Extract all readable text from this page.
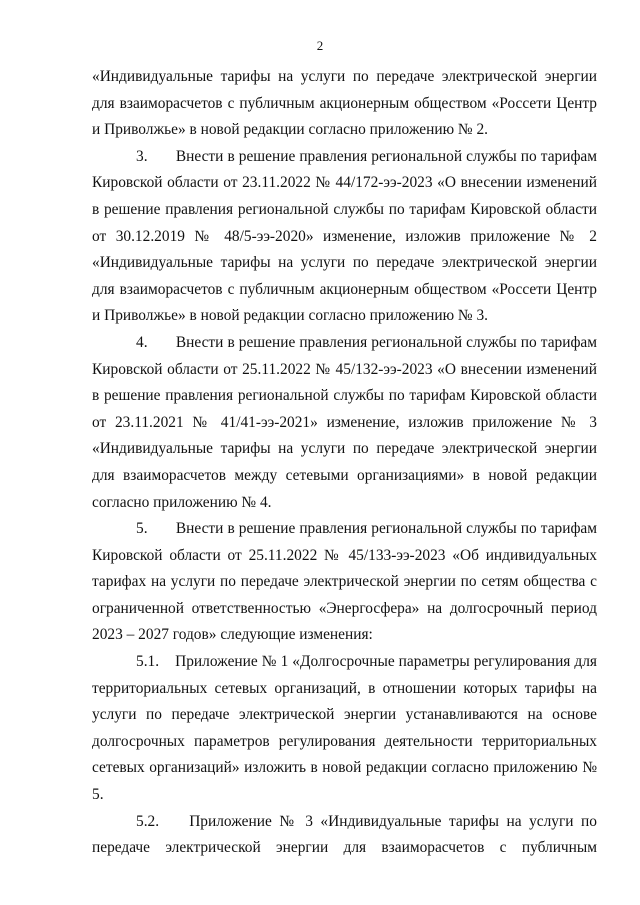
2

«Индивидуальные тарифы на услуги по передаче электрической энергии для взаиморасчетов с публичным акционерным обществом «Россети Центр и Приволжье» в новой редакции согласно приложению № 2.

3.       Внести в решение правления региональной службы по тарифам Кировской области от 23.11.2022 № 44/172-ээ-2023 «О внесении изменений в решение правления региональной службы по тарифам Кировской области от 30.12.2019 № 48/5-ээ-2020» изменение, изложив приложение № 2 «Индивидуальные тарифы на услуги по передаче электрической энергии для взаиморасчетов с публичным акционерным обществом «Россети Центр и Приволжье» в новой редакции согласно приложению № 3.

4.       Внести в решение правления региональной службы по тарифам Кировской области от 25.11.2022 № 45/132-ээ-2023 «О внесении изменений в решение правления региональной службы по тарифам Кировской области от 23.11.2021 № 41/41-ээ-2021» изменение, изложив приложение № 3 «Индивидуальные тарифы на услуги по передаче электрической энергии для взаиморасчетов между сетевыми организациями» в новой редакции согласно приложению № 4.

5.       Внести в решение правления региональной службы по тарифам Кировской области от 25.11.2022 № 45/133-ээ-2023 «Об индивидуальных тарифах на услуги по передаче электрической энергии по сетям общества с ограниченной ответственностью «Энергосфера» на долгосрочный период 2023 – 2027 годов» следующие изменения:

5.1.    Приложение № 1 «Долгосрочные параметры регулирования для территориальных сетевых организаций, в отношении которых тарифы на услуги по передаче электрической энергии устанавливаются на основе долгосрочных параметров регулирования деятельности территориальных сетевых организаций» изложить в новой редакции согласно приложению № 5.

5.2.    Приложение № 3 «Индивидуальные тарифы на услуги по передаче электрической энергии для взаиморасчетов с публичным
